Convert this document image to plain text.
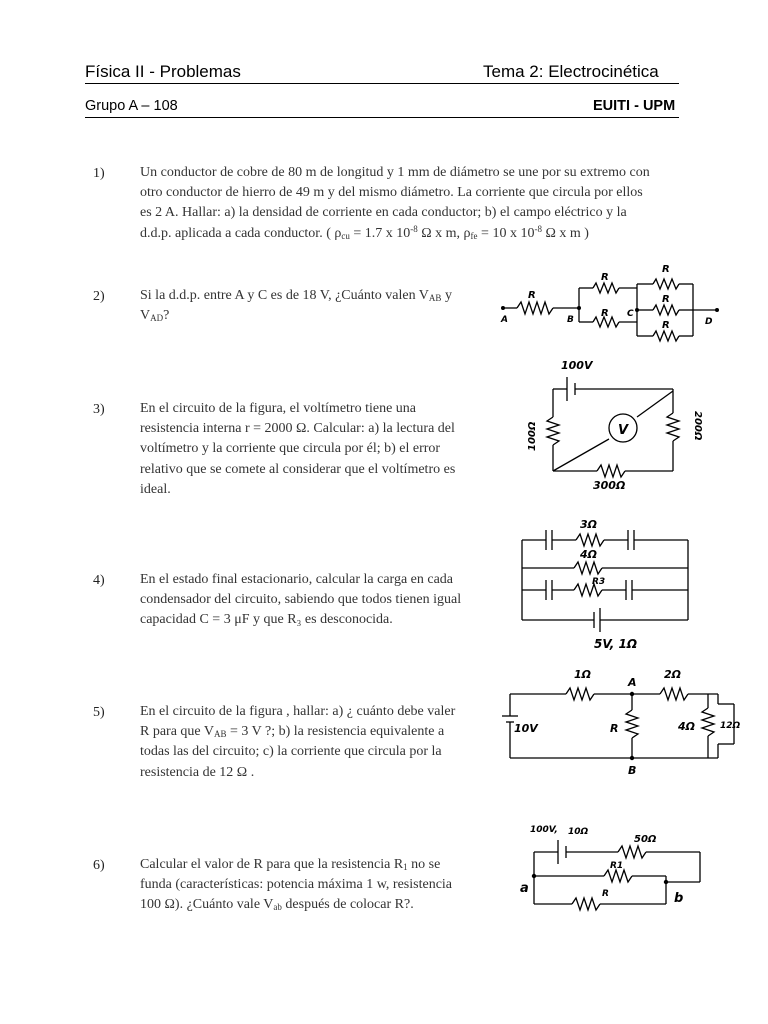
Física II - Problemas	Tema 2: Electrocinética
Grupo A – 108	EUITI - UPM
1)	Un conductor de cobre de 80 m de longitud y 1 mm de diámetro se une por su extremo con
otro conductor de hierro de 49 m y del mismo diámetro. La corriente que circula por ellos
es 2 A. Hallar: a) la densidad de corriente en cada conductor; b) el campo eléctrico y la
d.d.p. aplicada a cada conductor. ( $\rho_{cu} = 1.7$ x $10^{-8}$ Ω x m, $\rho_{fe} = 10$ x $10^{-8}$ Ω x m )
2)	Si la d.d.p. entre A y C es de 18 V, ¿Cuánto valen $V_{AB}$ y
$V_{AD}$?
R
R
R
R
R
R
A	B
C
D
3)	En el circuito de la figura, el voltímetro tiene una
resistencia interna r = 2000 Ω. Calcular: a) la lectura del
voltímetro y la corriente que circula por él; b) el error
relativo que se comete al considerar que el voltímetro es
ideal.
V
100V
100Ω	200Ω
300Ω
4)	En el estado final estacionario, calcular la carga en cada
condensador del circuito, sabiendo que todos tienen igual
capacidad C = 3 μF y que R₃ es desconocida.
3Ω
4Ω
R3
5V, 1Ω
5)	En el circuito de la figura , hallar: a) ¿ cuánto debe valer
R para que $V_{AB} = 3$ V ?; b) la resistencia equivalente a
todas las del circuito; c) la corriente que circula por la
resistencia de 12 Ω .
1Ω	2Ω
A
B
10V	R	4Ω	12Ω
6)	Calcular el valor de R para que la resistencia $R_1$ no se
funda (características: potencia máxima 1 w, resistencia
100 Ω). ¿Cuánto vale $V_{ab}$ después de colocar R?.
100V, 10Ω
50Ω
R1
R
a
b
